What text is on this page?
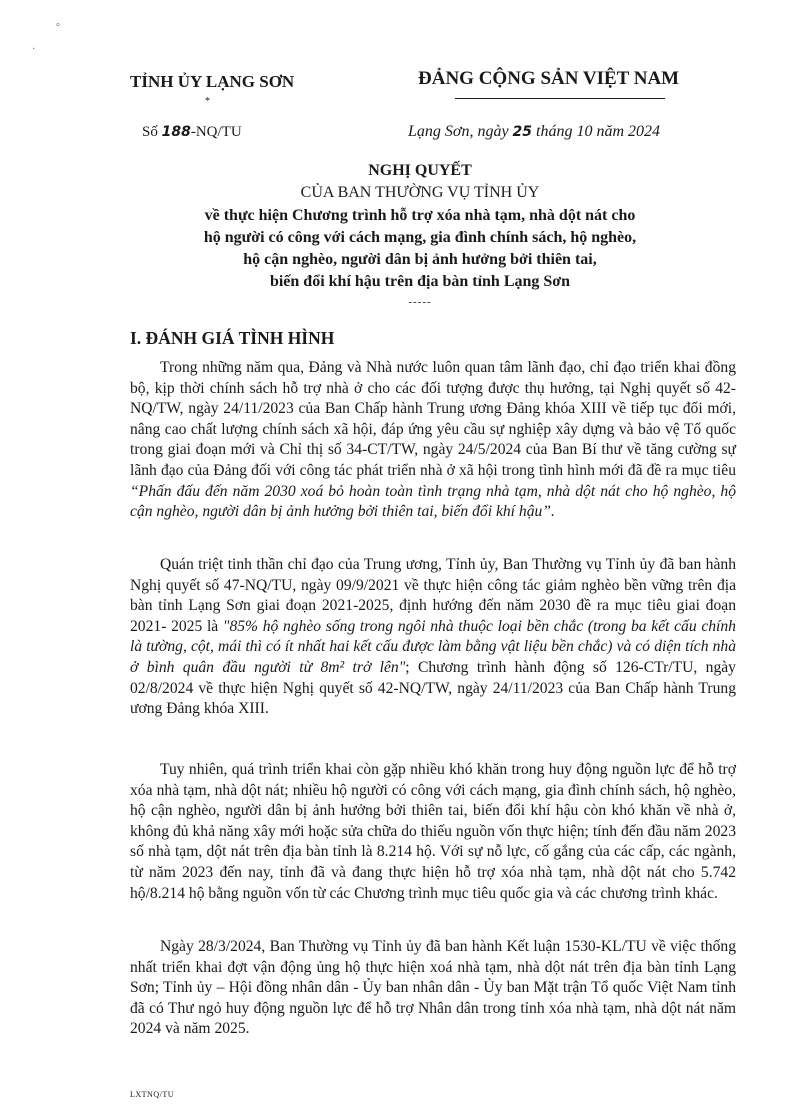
°
·
TỈNH ỦY LẠNG SƠN	ĐẢNG CỘNG SẢN VIỆT NAM
*
Số 188-NQ/TU	Lạng Sơn, ngày 25 tháng 10 năm 2024
NGHỊ QUYẾT
CỦA BAN THƯỜNG VỤ TỈNH ỦY
về thực hiện Chương trình hỗ trợ xóa nhà tạm, nhà dột nát cho
hộ người có công với cách mạng, gia đình chính sách, hộ nghèo,
hộ cận nghèo, người dân bị ảnh hưởng bởi thiên tai,
biến đổi khí hậu trên địa bàn tỉnh Lạng Sơn
-----
I. ĐÁNH GIÁ TÌNH HÌNH

Trong những năm qua, Đảng và Nhà nước luôn quan tâm lãnh đạo, chỉ đạo triển khai đồng bộ, kịp thời chính sách hỗ trợ nhà ở cho các đối tượng được thụ hưởng, tại Nghị quyết số 42-NQ/TW, ngày 24/11/2023 của Ban Chấp hành Trung ương Đảng khóa XIII về tiếp tục đổi mới, nâng cao chất lượng chính sách xã hội, đáp ứng yêu cầu sự nghiệp xây dựng và bảo vệ Tổ quốc trong giai đoạn mới và Chỉ thị số 34-CT/TW, ngày 24/5/2024 của Ban Bí thư về tăng cường sự lãnh đạo của Đảng đối với công tác phát triển nhà ở xã hội trong tình hình mới đã đề ra mục tiêu “Phấn đấu đến năm 2030 xoá bỏ hoàn toàn tình trạng nhà tạm, nhà dột nát cho hộ nghèo, hộ cận nghèo, người dân bị ảnh hưởng bởi thiên tai, biến đổi khí hậu”.

Quán triệt tinh thần chỉ đạo của Trung ương, Tỉnh ủy, Ban Thường vụ Tỉnh ủy đã ban hành Nghị quyết số 47-NQ/TU, ngày 09/9/2021 về thực hiện công tác giảm nghèo bền vững trên địa bàn tỉnh Lạng Sơn giai đoạn 2021-2025, định hướng đến năm 2030 đề ra mục tiêu giai đoạn 2021- 2025 là "85% hộ nghèo sống trong ngôi nhà thuộc loại bền chắc (trong ba kết cấu chính là tường, cột, mái thì có ít nhất hai kết cấu được làm bằng vật liệu bền chắc) và có diện tích nhà ở bình quân đầu người từ 8m² trở lên"; Chương trình hành động số 126-CTr/TU, ngày 02/8/2024 về thực hiện Nghị quyết số 42-NQ/TW, ngày 24/11/2023 của Ban Chấp hành Trung ương Đảng khóa XIII.

Tuy nhiên, quá trình triển khai còn gặp nhiều khó khăn trong huy động nguồn lực để hỗ trợ xóa nhà tạm, nhà dột nát; nhiều hộ người có công với cách mạng, gia đình chính sách, hộ nghèo, hộ cận nghèo, người dân bị ảnh hưởng bởi thiên tai, biến đổi khí hậu còn khó khăn về nhà ở, không đủ khả năng xây mới hoặc sửa chữa do thiếu nguồn vốn thực hiện; tính đến đầu năm 2023 số nhà tạm, dột nát trên địa bàn tỉnh là 8.214 hộ. Với sự nỗ lực, cố gắng của các cấp, các ngành, từ năm 2023 đến nay, tỉnh đã và đang thực hiện hỗ trợ xóa nhà tạm, nhà dột nát cho 5.742 hộ/8.214 hộ bằng nguồn vốn từ các Chương trình mục tiêu quốc gia và các chương trình khác.

Ngày 28/3/2024, Ban Thường vụ Tỉnh ủy đã ban hành Kết luận 1530-KL/TU về việc thống nhất triển khai đợt vận động ủng hộ thực hiện xoá nhà tạm, nhà dột nát trên địa bàn tỉnh Lạng Sơn; Tỉnh ủy – Hội đồng nhân dân - Ủy ban nhân dân - Ủy ban Mặt trận Tổ quốc Việt Nam tỉnh đã có Thư ngỏ huy động nguồn lực để hỗ trợ Nhân dân trong tỉnh xóa nhà tạm, nhà dột nát năm 2024 và năm 2025.

LXTNQ/TU
